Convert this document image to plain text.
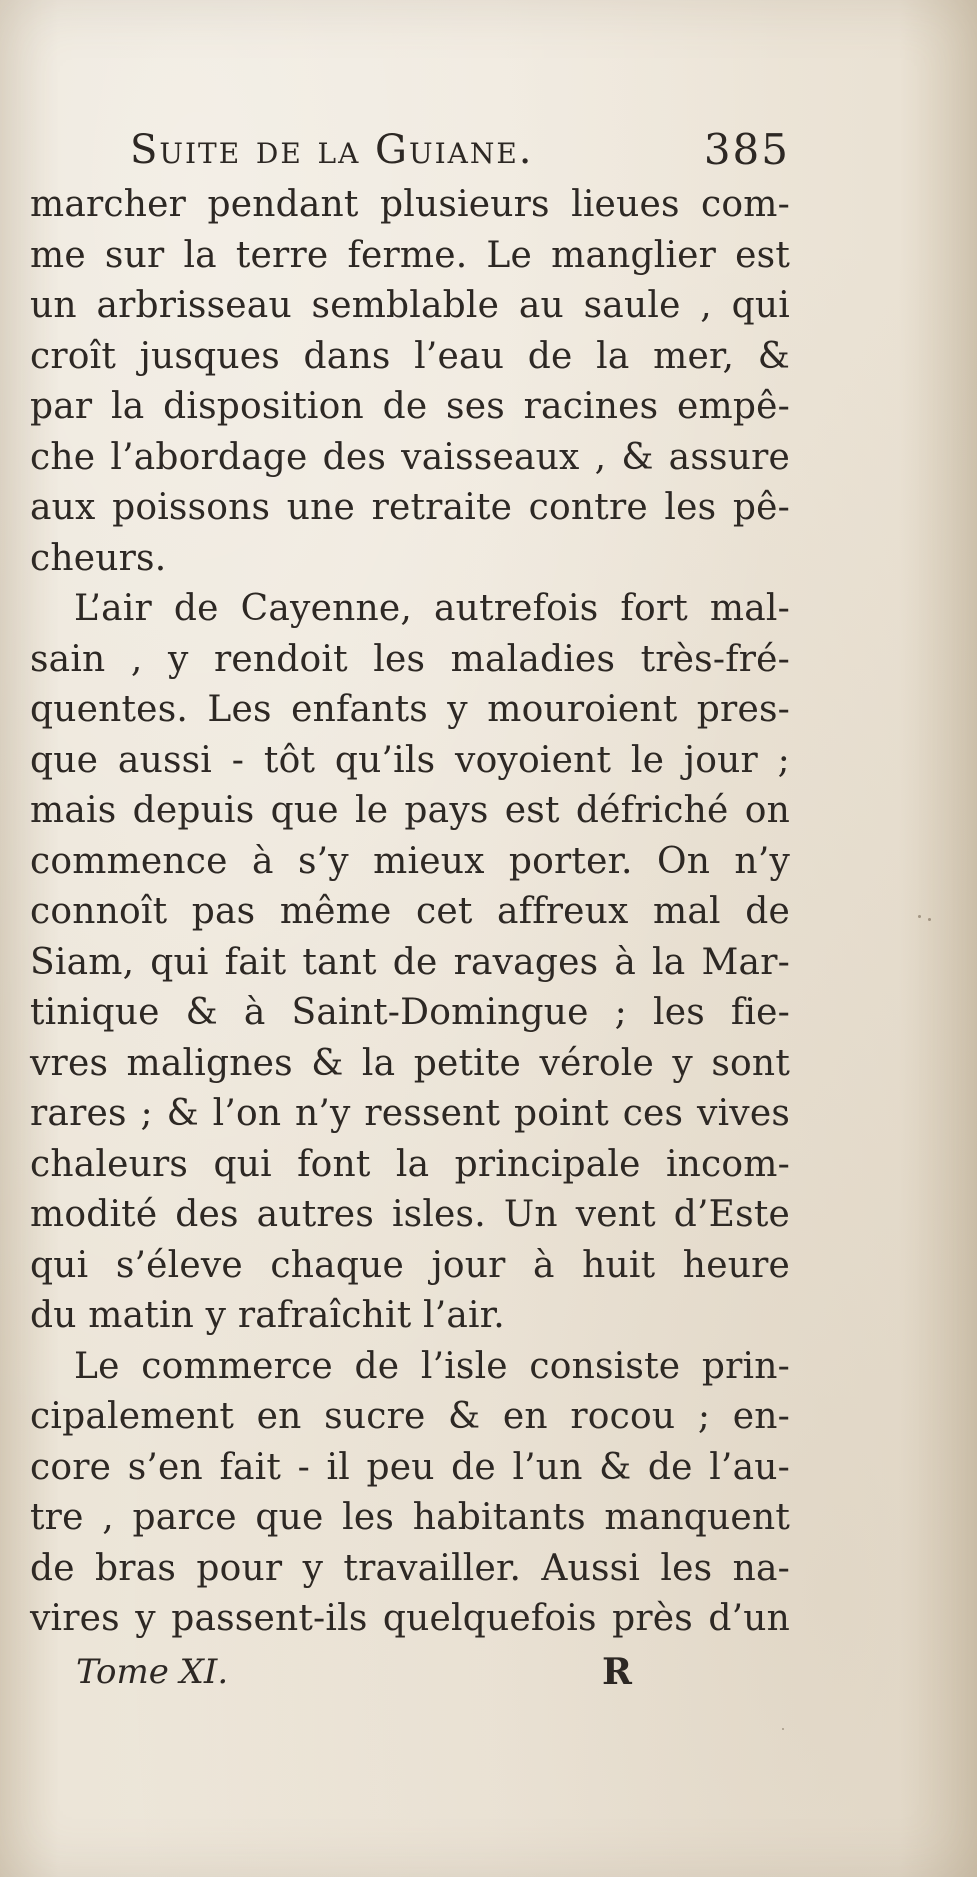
Suite de la Guiane.	385
marcher pendant plusieurs lieues com-
me sur la terre ferme. Le manglier est
un arbrisseau semblable au saule , qui
croît jusques dans l’eau de la mer, &
par la disposition de ses racines empê-
che l’abordage des vaisseaux , & assure
aux poissons une retraite contre les pê-
cheurs.
L’air de Cayenne, autrefois fort mal-
sain , y rendoit les maladies très-fré-
quentes. Les enfants y mouroient pres-
que aussi - tôt qu’ils voyoient le jour ;
mais depuis que le pays est défriché on
commence à s’y mieux porter. On n’y
connoît pas même cet affreux mal de
Siam, qui fait tant de ravages à la Mar-
tinique & à Saint-Domingue ; les fie-
vres malignes & la petite vérole y sont
rares ; & l’on n’y ressent point ces vives
chaleurs qui font la principale incom-
modité des autres isles. Un vent d’Este
qui s’éleve chaque jour à huit heure
du matin y rafraîchit l’air.
Le commerce de l’isle consiste prin-
cipalement en sucre & en rocou ; en-
core s’en fait - il peu de l’un & de l’au-
tre , parce que les habitants manquent
de bras pour y travailler. Aussi les na-
vires y passent-ils quelquefois près d’un
Tome XI.	R
